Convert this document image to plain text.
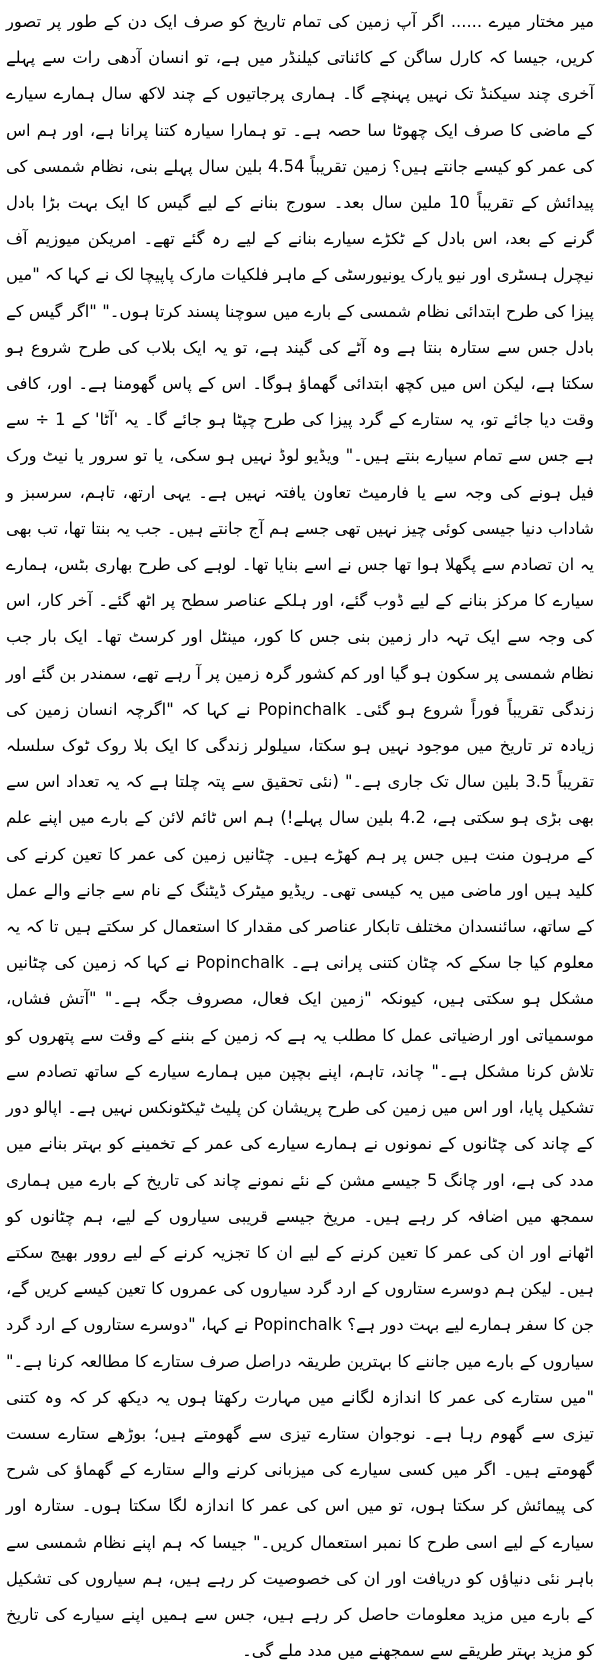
میر مختار میرے ...... اگر آپ زمین کی تمام تاریخ کو صرف ایک دن کے طور پر تصور کریں، جیسا کہ کارل ساگن کے کائناتی کیلنڈر میں ہے، تو انسان آدھی رات سے پہلے آخری چند سیکنڈ تک نہیں پہنچے گا۔ ہماری پرجاتیوں کے چند لاکھ سال ہمارے سیارے کے ماضی کا صرف ایک چھوٹا سا حصہ ہے۔ تو ہمارا سیارہ کتنا پرانا ہے، اور ہم اس کی عمر کو کیسے جانتے ہیں؟ زمین تقریباً 4.54 بلین سال پہلے بنی، نظام شمسی کی پیدائش کے تقریباً 10 ملین سال بعد۔ سورج بنانے کے لیے گیس کا ایک بہت بڑا بادل گرنے کے بعد، اس بادل کے ٹکڑے سیارے بنانے کے لیے رہ گئے تھے۔ امریکن میوزیم آف نیچرل ہسٹری اور نیو یارک یونیورسٹی کے ماہر فلکیات مارک پاپیچا لک نے کہا کہ "میں پیزا کی طرح ابتدائی نظام شمسی کے بارے میں سوچنا پسند کرتا ہوں۔" "اگر گیس کے بادل جس سے ستارہ بنتا ہے وہ آٹے کی گیند ہے، تو یہ ایک بلاب کی طرح شروع ہو سکتا ہے، لیکن اس میں کچھ ابتدائی گھماؤ ہوگا۔ اس کے پاس گھومنا ہے۔ اور، کافی وقت دیا جائے تو، یہ ستارے کے گرد پیزا کی طرح چپٹا ہو جائے گا۔ یہ 'آٹا' کے 1 ÷ سے ہے جس سے تمام سیارے بنتے ہیں۔" ویڈیو لوڈ نہیں ہو سکی، یا تو سرور یا نیٹ ورک فیل ہونے کی وجہ سے یا فارمیٹ تعاون یافتہ نہیں ہے۔ یہی ارتھ، تاہم، سرسبز و شاداب دنیا جیسی کوئی چیز نہیں تھی جسے ہم آج جانتے ہیں۔ جب یہ بنتا تھا، تب بھی یہ ان تصادم سے پگھلا ہوا تھا جس نے اسے بنایا تھا۔ لوہے کی طرح بھاری بٹس، ہمارے سیارے کا مرکز بنانے کے لیے ڈوب گئے، اور ہلکے عناصر سطح پر اٹھ گئے۔ آخر کار، اس کی وجہ سے ایک تہہ دار زمین بنی جس کا کور، مینٹل اور کرسٹ تھا۔ ایک بار جب نظام شمسی پر سکون ہو گیا اور کم کشور گرہ زمین پر آ رہے تھے، سمندر بن گئے اور زندگی تقریباً فوراً شروع ہو گئی۔ Popinchalk نے کہا کہ "اگرچہ انسان زمین کی زیادہ تر تاریخ میں موجود نہیں ہو سکتا، سیلولر زندگی کا ایک بلا روک ٹوک سلسلہ تقریباً 3.5 بلین سال تک جاری ہے۔" (نئی تحقیق سے پتہ چلتا ہے کہ یہ تعداد اس سے بھی بڑی ہو سکتی ہے، 4.2 بلین سال پہلے!) ہم اس ٹائم لائن کے بارے میں اپنے علم کے مرہون منت ہیں جس پر ہم کھڑے ہیں۔ چٹانیں زمین کی عمر کا تعین کرنے کی کلید ہیں اور ماضی میں یہ کیسی تھی۔ ریڈیو میٹرک ڈیٹنگ کے نام سے جانے والے عمل کے ساتھ، سائنسدان مختلف تابکار عناصر کی مقدار کا استعمال کر سکتے ہیں تا کہ یہ معلوم کیا جا سکے کہ چٹان کتنی پرانی ہے۔ Popinchalk نے کہا کہ زمین کی چٹانیں مشکل ہو سکتی ہیں، کیونکہ "زمین ایک فعال، مصروف جگہ ہے۔" "آتش فشاں، موسمیاتی اور ارضیاتی عمل کا مطلب یہ ہے کہ زمین کے بننے کے وقت سے پتھروں کو تلاش کرنا مشکل ہے۔" چاند، تاہم، اپنے بچپن میں ہمارے سیارے کے ساتھ تصادم سے تشکیل پایا، اور اس میں زمین کی طرح پریشان کن پلیٹ ٹیکٹونکس نہیں ہے۔ اپالو دور کے چاند کی چٹانوں کے نمونوں نے ہمارے سیارے کی عمر کے تخمینے کو بہتر بنانے میں مدد کی ہے، اور چانگ 5 جیسے مشن کے نئے نمونے چاند کی تاریخ کے بارے میں ہماری سمجھ میں اضافہ کر رہے ہیں۔ مریخ جیسے قریبی سیاروں کے لیے، ہم چٹانوں کو اٹھانے اور ان کی عمر کا تعین کرنے کے لیے ان کا تجزیہ کرنے کے لیے روور بھیج سکتے ہیں۔ لیکن ہم دوسرے ستاروں کے ارد گرد سیاروں کی عمروں کا تعین کیسے کریں گے، جن کا سفر ہمارے لیے بہت دور ہے؟ Popinchalk نے کہا، "دوسرے ستاروں کے ارد گرد سیاروں کے بارے میں جاننے کا بہترین طریقہ دراصل صرف ستارے کا مطالعہ کرنا ہے۔" "میں ستارے کی عمر کا اندازہ لگانے میں مہارت رکھتا ہوں یہ دیکھ کر کہ وہ کتنی تیزی سے گھوم رہا ہے۔ نوجوان ستارے تیزی سے گھومتے ہیں؛ بوڑھے ستارے سست گھومتے ہیں۔ اگر میں کسی سیارے کی میزبانی کرنے والے ستارے کے گھماؤ کی شرح کی پیمائش کر سکتا ہوں، تو میں اس کی عمر کا اندازہ لگا سکتا ہوں۔ ستارہ اور سیارے کے لیے اسی طرح کا نمبر استعمال کریں۔" جیسا کہ ہم اپنے نظام شمسی سے باہر نئی دنیاؤں کو دریافت اور ان کی خصوصیت کر رہے ہیں، ہم سیاروں کی تشکیل کے بارے میں مزید معلومات حاصل کر رہے ہیں، جس سے ہمیں اپنے سیارے کی تاریخ کو مزید بہتر طریقے سے سمجھنے میں مدد ملے گی۔
